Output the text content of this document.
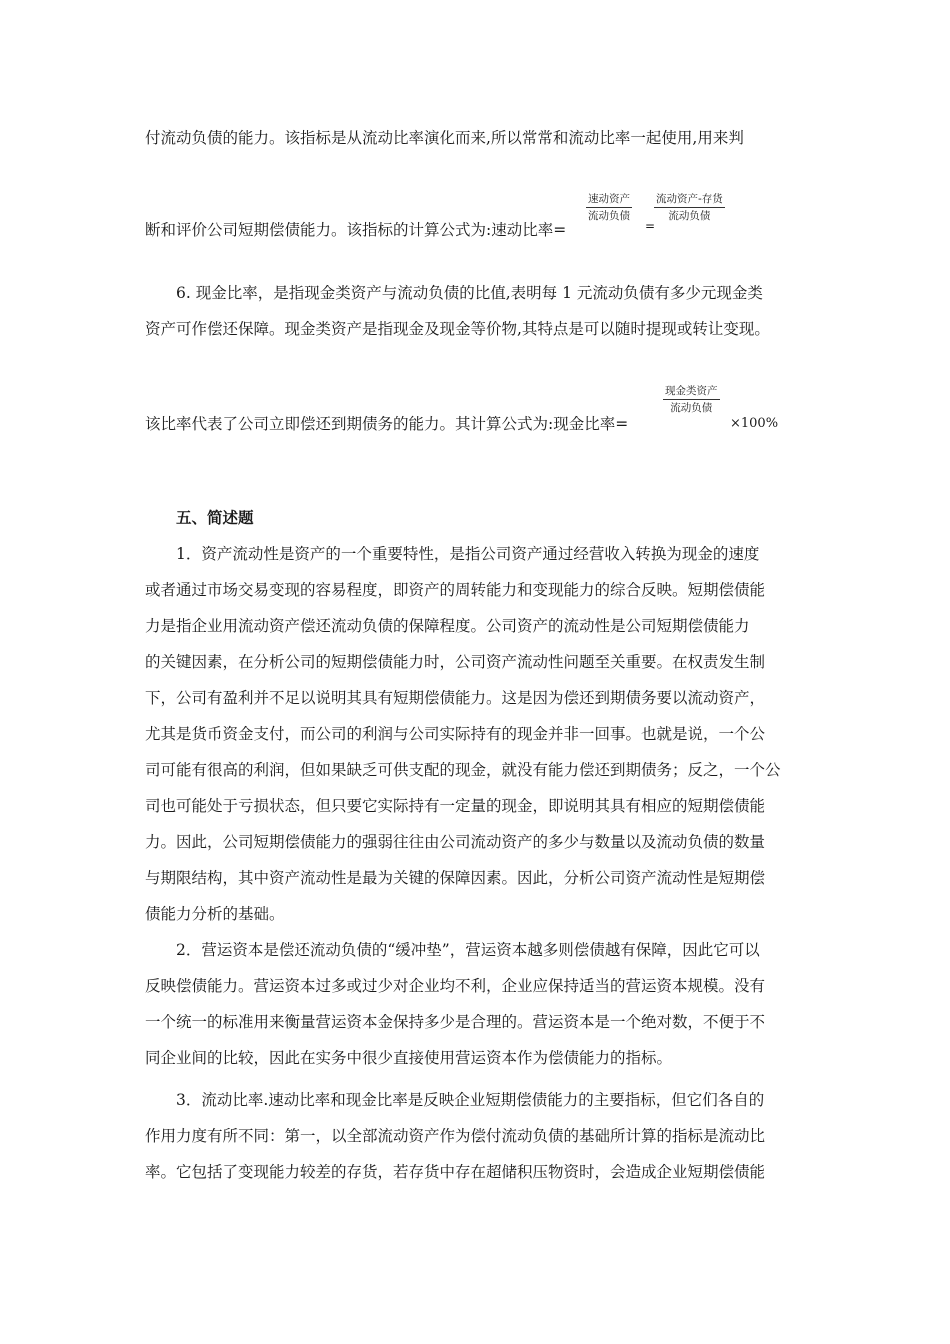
付流动负债的能力。该指标是从流动比率演化而来,所以常常和流动比率一起使用,用来判
断和评价公司短期偿债能力。该指标的计算公式为:速动比率=
速动资产
流动负债
=
流动资产-存货
流动负债
6. 现金比率，是指现金类资产与流动负债的比值,表明每 1 元流动负债有多少元现金类
资产可作偿还保障。现金类资产是指现金及现金等价物,其特点是可以随时提现或转让变现。
该比率代表了公司立即偿还到期债务的能力。其计算公式为:现金比率=
现金类资产
流动负债
×100%
五、简述题
1．资产流动性是资产的一个重要特性，是指公司资产通过经营收入转换为现金的速度
或者通过市场交易变现的容易程度，即资产的周转能力和变现能力的综合反映。短期偿债能
力是指企业用流动资产偿还流动负债的保障程度。公司资产的流动性是公司短期偿债能力
的关键因素，在分析公司的短期偿债能力时，公司资产流动性问题至关重要。在权责发生制
下，公司有盈利并不足以说明其具有短期偿债能力。这是因为偿还到期债务要以流动资产，
尤其是货币资金支付，而公司的利润与公司实际持有的现金并非一回事。也就是说，一个公
司可能有很高的利润，但如果缺乏可供支配的现金，就没有能力偿还到期债务；反之，一个公
司也可能处于亏损状态，但只要它实际持有一定量的现金，即说明其具有相应的短期偿债能
力。因此，公司短期偿债能力的强弱往往由公司流动资产的多少与数量以及流动负债的数量
与期限结构，其中资产流动性是最为关键的保障因素。因此，分析公司资产流动性是短期偿
债能力分析的基础。
2．营运资本是偿还流动负债的“缓冲垫”，营运资本越多则偿债越有保障，因此它可以
反映偿债能力。营运资本过多或过少对企业均不利，企业应保持适当的营运资本规模。没有
一个统一的标准用来衡量营运资本金保持多少是合理的。营运资本是一个绝对数，不便于不
同企业间的比较，因此在实务中很少直接使用营运资本作为偿债能力的指标。
3．流动比率.速动比率和现金比率是反映企业短期偿债能力的主要指标，但它们各自的
作用力度有所不同：第一，以全部流动资产作为偿付流动负债的基础所计算的指标是流动比
率。它包括了变现能力较差的存货，若存货中存在超储积压物资时，会造成企业短期偿债能
